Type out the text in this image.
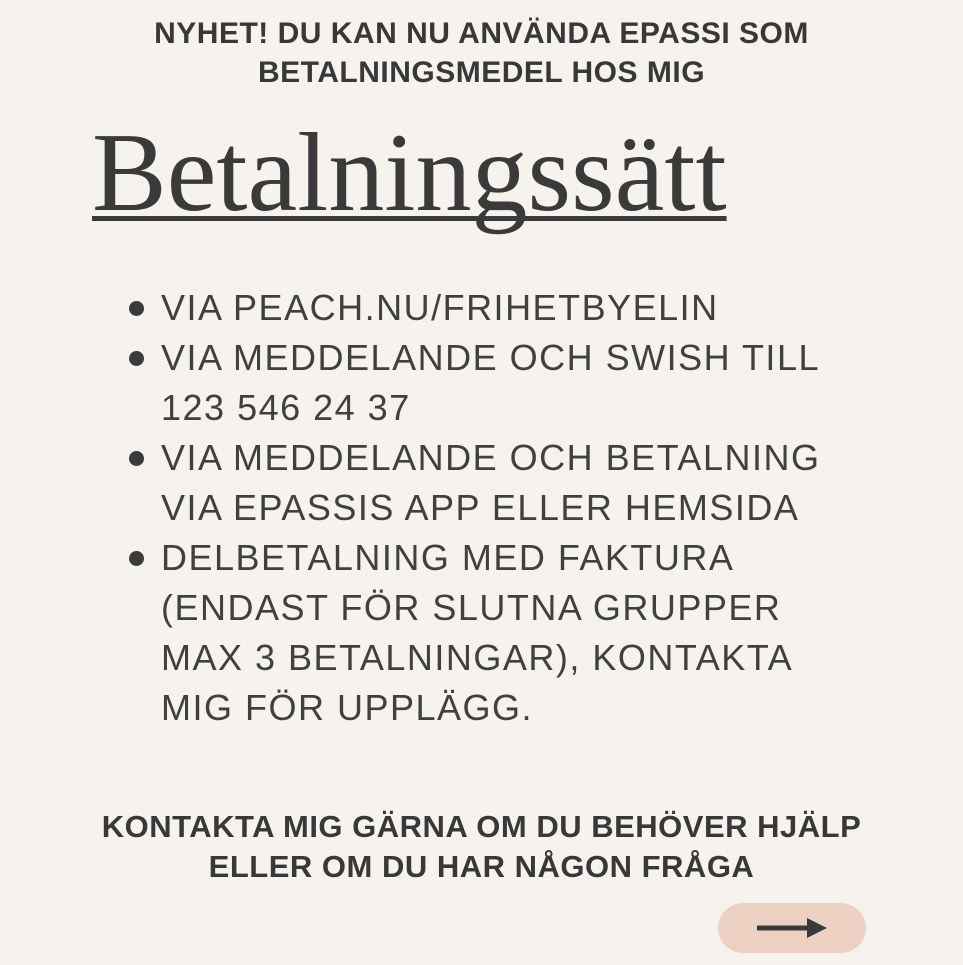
NYHET! DU KAN NU ANVÄNDA EPASSI SOM
BETALNINGSMEDEL HOS MIG
Betalningssätt
VIA PEACH.NU/FRIHETBYELIN
VIA MEDDELANDE OCH SWISH TILL 123 546 24 37
VIA MEDDELANDE OCH BETALNING VIA EPASSIS APP ELLER HEMSIDA
DELBETALNING MED FAKTURA (ENDAST FÖR SLUTNA GRUPPER MAX 3 BETALNINGAR), KONTAKTA MIG FÖR UPPLÄGG.
KONTAKTA MIG GÄRNA OM DU BEHÖVER HJÄLP
ELLER OM DU HAR NÅGON FRÅGA
